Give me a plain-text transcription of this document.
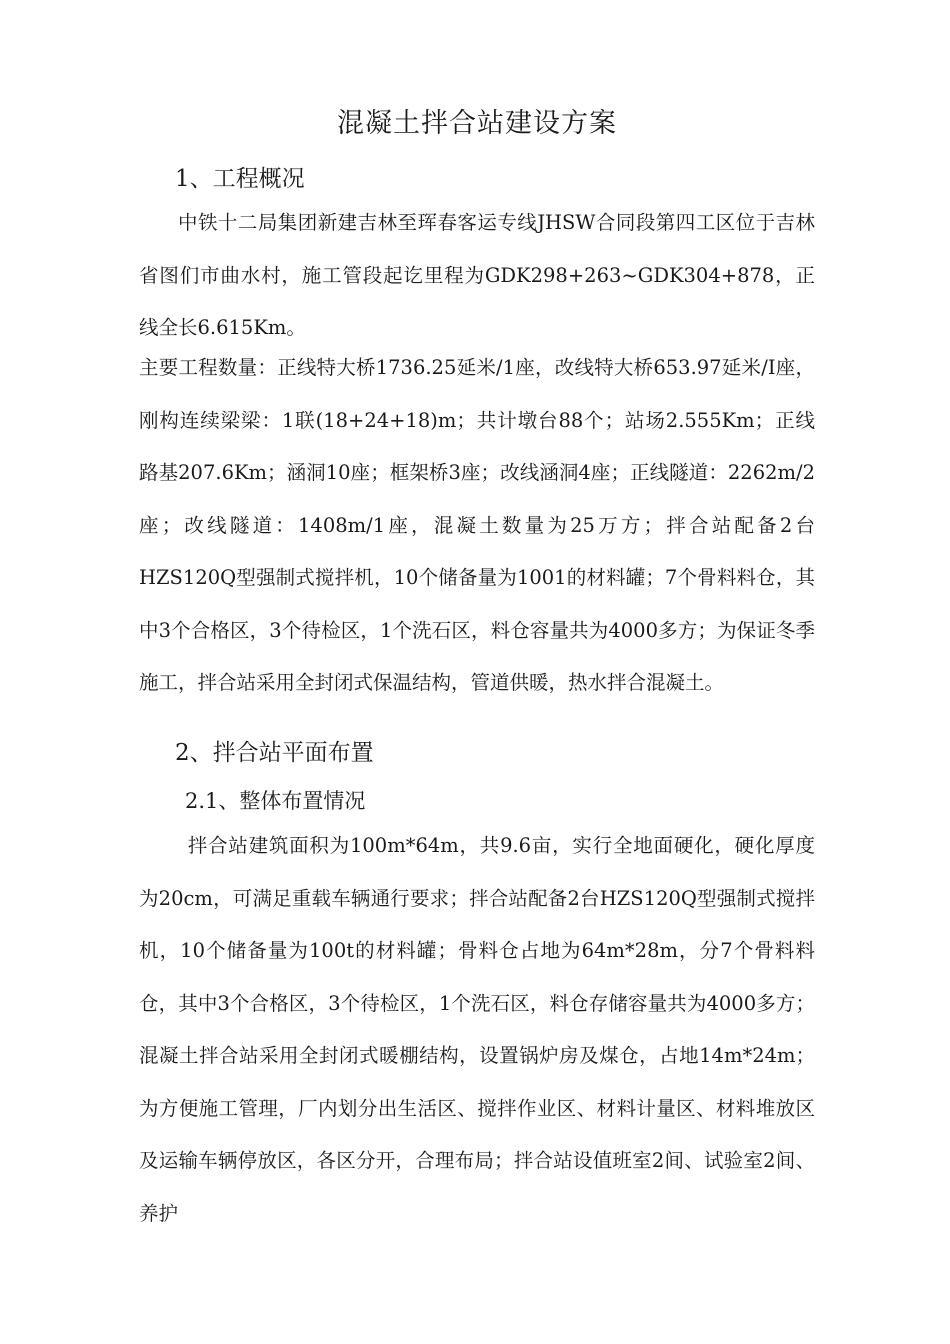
混凝土拌合站建设方案
1、工程概况

中铁十二局集团新建吉林至珲春客运专线JHSW合同段第四工区位于吉林省图们市曲水村，施工管段起讫里程为GDK298+263~GDK304+878，正线全长6.615Km。

主要工程数量：正线特大桥1736.25延米/1座，改线特大桥653.97延米/I座，刚构连续梁梁：1联(18+24+18)m；共计墩台88个；站场2.555Km；正线路基207.6Km；涵洞10座；框架桥3座；改线涵洞4座；正线隧道：2262m/2座；改线隧道：1408m/1座，混凝土数量为25万方；拌合站配备2台HZS120Q型强制式搅拌机，10个储备量为1001的材料罐；7个骨料料仓，其中3个合格区，3个待检区，1个洗石区，料仓容量共为4000多方；为保证冬季施工，拌合站采用全封闭式保温结构，管道供暖，热水拌合混凝土。

2、拌合站平面布置
2.1、整体布置情况

拌合站建筑面积为100m*64m，共9.6亩，实行全地面硬化，硬化厚度为20cm，可满足重载车辆通行要求；拌合站配备2台HZS120Q型强制式搅拌机，10个储备量为100t的材料罐；骨料仓占地为64m*28m，分7个骨料料仓，其中3个合格区，3个待检区，1个洗石区，料仓存储容量共为4000多方；混凝土拌合站采用全封闭式暖棚结构，设置锅炉房及煤仓，占地14m*24m；为方便施工管理，厂内划分出生活区、搅拌作业区、材料计量区、材料堆放区及运输车辆停放区，各区分开，合理布局；拌合站设值班室2间、试验室2间、养护
